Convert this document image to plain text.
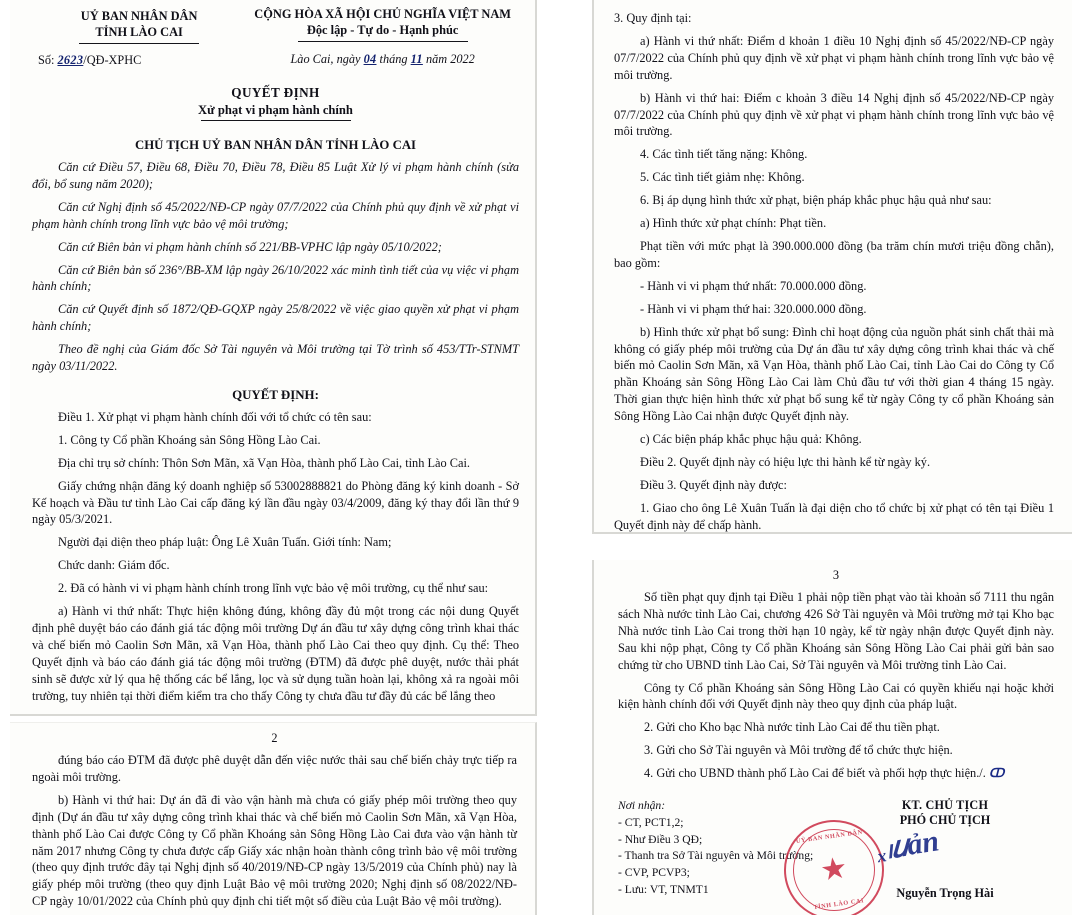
UỶ BAN NHÂN DÂN
TỈNH LÀO CAI
Số: 2623/QĐ-XPHC
CỘNG HÒA XÃ HỘI CHỦ NGHĨA VIỆT NAM
Độc lập - Tự do - Hạnh phúc
Lào Cai, ngày 04 tháng 11 năm 2022
QUYẾT ĐỊNH
Xử phạt vi phạm hành chính
CHỦ TỊCH UỶ BAN NHÂN DÂN TỈNH LÀO CAI

Căn cứ Điều 57, Điều 68, Điều 70, Điều 78, Điều 85 Luật Xử lý vi phạm hành chính (sửa đổi, bổ sung năm 2020);

Căn cứ Nghị định số 45/2022/NĐ-CP ngày 07/7/2022 của Chính phủ quy định về xử phạt vi phạm hành chính trong lĩnh vực bảo vệ môi trường;

Căn cứ Biên bản vi phạm hành chính số 221/BB-VPHC lập ngày 05/10/2022;

Căn cứ Biên bản số 236°/BB-XM lập ngày 26/10/2022 xác minh tình tiết của vụ việc vi phạm hành chính;

Căn cứ Quyết định số 1872/QĐ-GQXP ngày 25/8/2022 về việc giao quyền xử phạt vi phạm hành chính;

Theo đề nghị của Giám đốc Sở Tài nguyên và Môi trường tại Tờ trình số 453/TTr-STNMT ngày 03/11/2022.

QUYẾT ĐỊNH:

Điều 1. Xử phạt vi phạm hành chính đối với tổ chức có tên sau:

1. Công ty Cổ phần Khoáng sản Sông Hồng Lào Cai.

Địa chỉ trụ sở chính: Thôn Sơn Mãn, xã Vạn Hòa, thành phố Lào Cai, tỉnh Lào Cai.

Giấy chứng nhận đăng ký doanh nghiệp số 53002888821 do Phòng đăng ký kinh doanh - Sở Kế hoạch và Đầu tư tỉnh Lào Cai cấp đăng ký lần đầu ngày 03/4/2009, đăng ký thay đổi lần thứ 9 ngày 05/3/2021.

Người đại diện theo pháp luật: Ông Lê Xuân Tuấn. Giới tính: Nam;

Chức danh: Giám đốc.

2. Đã có hành vi vi phạm hành chính trong lĩnh vực bảo vệ môi trường, cụ thể như sau:

a) Hành vi thứ nhất: Thực hiện không đúng, không đầy đủ một trong các nội dung Quyết định phê duyệt báo cáo đánh giá tác động môi trường Dự án đầu tư xây dựng công trình khai thác và chế biến mỏ Caolin Sơn Mãn, xã Vạn Hòa, thành phố Lào Cai theo quy định. Cụ thể: Theo Quyết định và báo cáo đánh giá tác động môi trường (ĐTM) đã được phê duyệt, nước thải phát sinh sẽ được xử lý qua hệ thống các bể lắng, lọc và sử dụng tuần hoàn lại, không xả ra ngoài môi trường, tuy nhiên tại thời điểm kiểm tra cho thấy Công ty chưa đầu tư đầy đủ các bể lắng theo

2

đúng báo cáo ĐTM đã được phê duyệt dẫn đến việc nước thải sau chế biến chảy trực tiếp ra ngoài môi trường.

b) Hành vi thứ hai: Dự án đã đi vào vận hành mà chưa có giấy phép môi trường theo quy định (Dự án đầu tư xây dựng công trình khai thác và chế biến mỏ Caolin Sơn Mãn, xã Vạn Hòa, thành phố Lào Cai được Công ty Cổ phần Khoáng sản Sông Hồng Lào Cai đưa vào vận hành từ năm 2017 nhưng Công ty chưa được cấp Giấy xác nhận hoàn thành công trình bảo vệ môi trường (theo quy định trước đây tại Nghị định số 40/2019/NĐ-CP ngày 13/5/2019 của Chính phủ) nay là giấy phép môi trường (theo quy định Luật Bảo vệ môi trường 2020; Nghị định số 08/2022/NĐ-CP ngày 10/01/2022 của Chính phủ quy định chi tiết một số điều của Luật Bảo vệ môi trường).

3. Quy định tại:

a) Hành vi thứ nhất: Điểm d khoản 1 điều 10 Nghị định số 45/2022/NĐ-CP ngày 07/7/2022 của Chính phủ quy định về xử phạt vi phạm hành chính trong lĩnh vực bảo vệ môi trường.

b) Hành vi thứ hai: Điểm c khoản 3 điều 14 Nghị định số 45/2022/NĐ-CP ngày 07/7/2022 của Chính phủ quy định về xử phạt vi phạm hành chính trong lĩnh vực bảo vệ môi trường.

4. Các tình tiết tăng nặng: Không.

5. Các tình tiết giảm nhẹ: Không.

6. Bị áp dụng hình thức xử phạt, biện pháp khắc phục hậu quả như sau:

a) Hình thức xử phạt chính: Phạt tiền.

Phạt tiền với mức phạt là 390.000.000 đồng (ba trăm chín mươi triệu đồng chẵn), bao gồm:

- Hành vi vi phạm thứ nhất: 70.000.000 đồng.

- Hành vi vi phạm thứ hai: 320.000.000 đồng.

b) Hình thức xử phạt bổ sung: Đình chỉ hoạt động của nguồn phát sinh chất thải mà không có giấy phép môi trường của Dự án đầu tư xây dựng công trình khai thác và chế biến mỏ Caolin Sơn Mãn, xã Vạn Hòa, thành phố Lào Cai, tỉnh Lào Cai do Công ty Cổ phần Khoáng sản Sông Hồng Lào Cai làm Chủ đầu tư với thời gian 4 tháng 15 ngày. Thời gian thực hiện hình thức xử phạt bổ sung kể từ ngày Công ty cổ phần Khoáng sản Sông Hồng Lào Cai nhận được Quyết định này.

c) Các biện pháp khắc phục hậu quả: Không.

Điều 2. Quyết định này có hiệu lực thi hành kể từ ngày ký.

Điều 3. Quyết định này được:

1. Giao cho ông Lê Xuân Tuấn là đại diện cho tổ chức bị xử phạt có tên tại Điều 1 Quyết định này để chấp hành.

3

Số tiền phạt quy định tại Điều 1 phải nộp tiền phạt vào tài khoản số 7111 thu ngân sách Nhà nước tỉnh Lào Cai, chương 426 Sở Tài nguyên và Môi trường mở tại Kho bạc Nhà nước tỉnh Lào Cai trong thời hạn 10 ngày, kể từ ngày nhận được Quyết định này. Sau khi nộp phạt, Công ty Cổ phần Khoáng sản Sông Hồng Lào Cai phải gửi bản sao chứng từ cho UBND tỉnh Lào Cai, Sở Tài nguyên và Môi trường tỉnh Lào Cai.

Công ty Cổ phần Khoáng sản Sông Hồng Lào Cai có quyền khiếu nại hoặc khởi kiện hành chính đối với Quyết định này theo quy định của pháp luật.

2. Gửi cho Kho bạc Nhà nước tỉnh Lào Cai để thu tiền phạt.

3. Gửi cho Sở Tài nguyên và Môi trường để tổ chức thực hiện.

4. Gửi cho UBND thành phố Lào Cai để biết và phối hợp thực hiện./. ↀ

Nơi nhận:
- CT, PCT1,2;
- Như Điều 3 QĐ;
- Thanh tra Sở Tài nguyên và Môi trường;
- CVP, PCVP3;
- Lưu: VT, TNMT1
KT. CHỦ TỊCH
PHÓ CHỦ TỊCH
UỶ BAN NHÂN DÂN
★
TỈNH LÀO CAI
ₓₗ𝑢ản
Nguyễn Trọng Hài
